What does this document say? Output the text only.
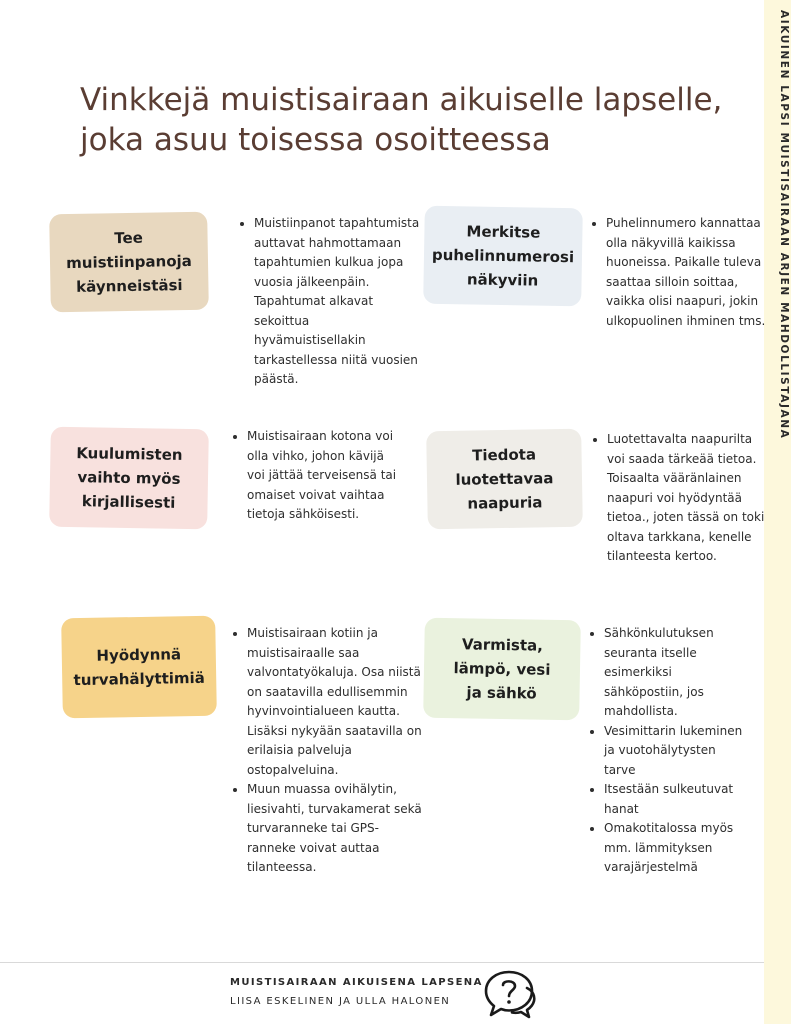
AIKUINEN LAPSI MUISTISAIRAAN ARJEN MAHDOLLISTAJANA
Vinkkejä muistisairaan aikuiselle lapselle,
joka asuu toisessa osoitteessa
Tee
muistiinpanoja
käynneistäsi
• Muistiinpanot tapahtumista auttavat hahmottamaan tapahtumien kulkua jopa vuosia jälkeenpäin. Tapahtumat alkavat sekoittua hyvämuistisellakin tarkastellessa niitä vuosien päästä.
Merkitse
puhelinnumerosi
näkyviin
• Puhelinnumero kannattaa olla näkyvillä kaikissa huoneissa. Paikalle tuleva saattaa silloin soittaa, vaikka olisi naapuri, jokin ulkopuolinen ihminen tms.
Kuulumisten
vaihto myös
kirjallisesti
• Muistisairaan kotona voi olla vihko, johon kävijä voi jättää terveisensä tai omaiset voivat vaihtaa tietoja sähköisesti.
Tiedota
luotettavaa
naapuria
• Luotettavalta naapurilta voi saada tärkeää tietoa. Toisaalta vääränlainen naapuri voi hyödyntää tietoa., joten tässä on toki oltava tarkkana, kenelle tilanteesta kertoo.
Hyödynnä
turvahälyttimiä
• Muistisairaan kotiin ja muistisairaalle saa valvontatyökaluja. Osa niistä on saatavilla edullisemmin hyvinvointialueen kautta. Lisäksi nykyään saatavilla on erilaisia palveluja ostopalveluina.
• Muun muassa ovihälytin, liesivahti, turvakamerat sekä turvaranneke tai GPS-ranneke voivat auttaa tilanteessa.
Varmista,
lämpö, vesi
ja sähkö
• Sähkönkulutuksen seuranta itselle esimerkiksi sähköpostiin, jos mahdollista.
• Vesimittarin lukeminen ja vuotohälytysten tarve
• Itsestään sulkeutuvat hanat
• Omakotitalossa myös mm. lämmityksen varajärjestelmä
MUISTISAIRAAN AIKUISENA LAPSENA
LIISA ESKELINEN JA ULLA HALONEN
